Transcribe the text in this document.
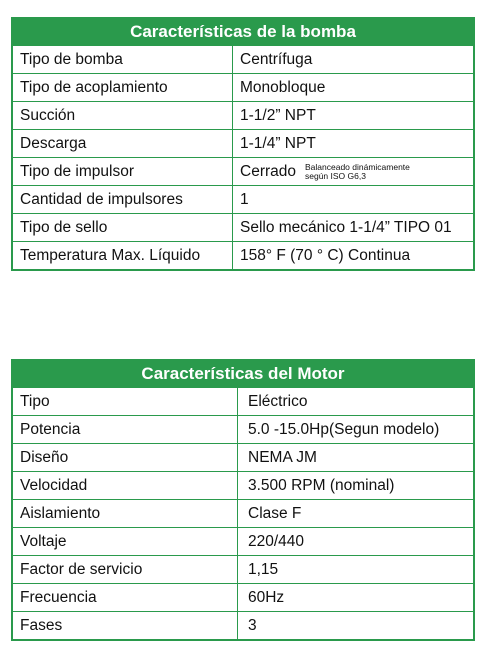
Características de la bomba
Tipo de bomba	Centrífuga
Tipo de acoplamiento	Monobloque
Succión	1-1/2” NPT
Descarga	1-1/4” NPT
Tipo de impulsor	Cerrado Balanceado dinámicamente
según ISO G6,3
Cantidad de impulsores	1
Tipo de sello	Sello mecánico 1-1/4” TIPO 01
Temperatura Max. Líquido	158° F (70 ° C) Continua
Características del Motor
Tipo	Eléctrico
Potencia	5.0 -15.0Hp(Segun modelo)
Diseño	NEMA JM
Velocidad	3.500 RPM (nominal)
Aislamiento	Clase F
Voltaje	220/440
Factor de servicio	1,15
Frecuencia	60Hz
Fases	3
